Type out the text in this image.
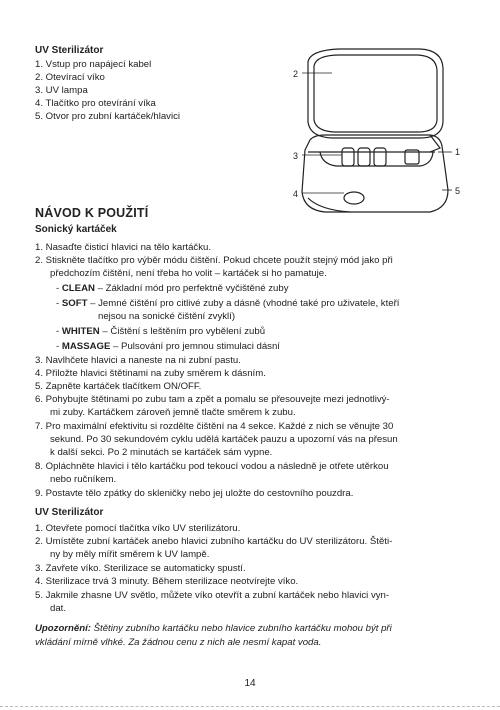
UV Sterilizátor
1. Vstup pro napájecí kabel
2. Otevírací víko
3. UV lampa
4. Tlačítko pro otevírání víka
5. Otvor pro zubní kartáček/hlavici
2
1
3
4	5
NÁVOD K POUŽITÍ
Sonický kartáček
1. Nasaďte čisticí hlavici na tělo kartáčku.
2. Stiskněte tlačítko pro výběr módu čištění. Pokud chcete použít stejný mód jako při
předchozím čištění, není třeba ho volit – kartáček si ho pamatuje.
- CLEAN – Základní mód pro perfektně vyčištěné zuby
- SOFT – Jemné čištění pro citlivé zuby a dásně (vhodné také pro uživatele, kteří
nejsou na sonické čištění zvyklí)
- WHITEN – Čištění s leštěním pro vybělení zubů
- MASSAGE – Pulsování pro jemnou stimulaci dásní
3. Navlhčete hlavici a naneste na ni zubní pastu.
4. Přiložte hlavici štětinami na zuby směrem k dásním.
5. Zapněte kartáček tlačítkem ON/OFF.
6. Pohybujte štětinami po zubu tam a zpět a pomalu se přesouvejte mezi jednotlivý-
mi zuby. Kartáčkem zároveň jemně tlačte směrem k zubu.
7. Pro maximální efektivitu si rozdělte čištění na 4 sekce. Každé z nich se věnujte 30
sekund. Po 30 sekundovém cyklu udělá kartáček pauzu a upozorní vás na přesun
k další sekci. Po 2 minutách se kartáček sám vypne.
8. Opláchněte hlavici i tělo kartáčku pod tekoucí vodou a následně je otřete utěrkou
nebo ručníkem.
9. Postavte tělo zpátky do skleničky nebo jej uložte do cestovního pouzdra.
UV Sterilizátor
1. Otevřete pomocí tlačítka víko UV sterilizátoru.
2. Umístěte zubní kartáček anebo hlavici zubního kartáčku do UV sterilizátoru. Štěti-
ny by měly mířit směrem k UV lampě.
3. Zavřete víko. Sterilizace se automaticky spustí.
4. Sterilizace trvá 3 minuty. Během sterilizace neotvírejte víko.
5. Jakmile zhasne UV světlo, můžete víko otevřít a zubní kartáček nebo hlavici vyn-
dat.
Upozornění: Štětiny zubního kartáčku nebo hlavice zubního kartáčku mohou být při
vkládání mírně vlhké. Za žádnou cenu z nich ale nesmí kapat voda.
14
